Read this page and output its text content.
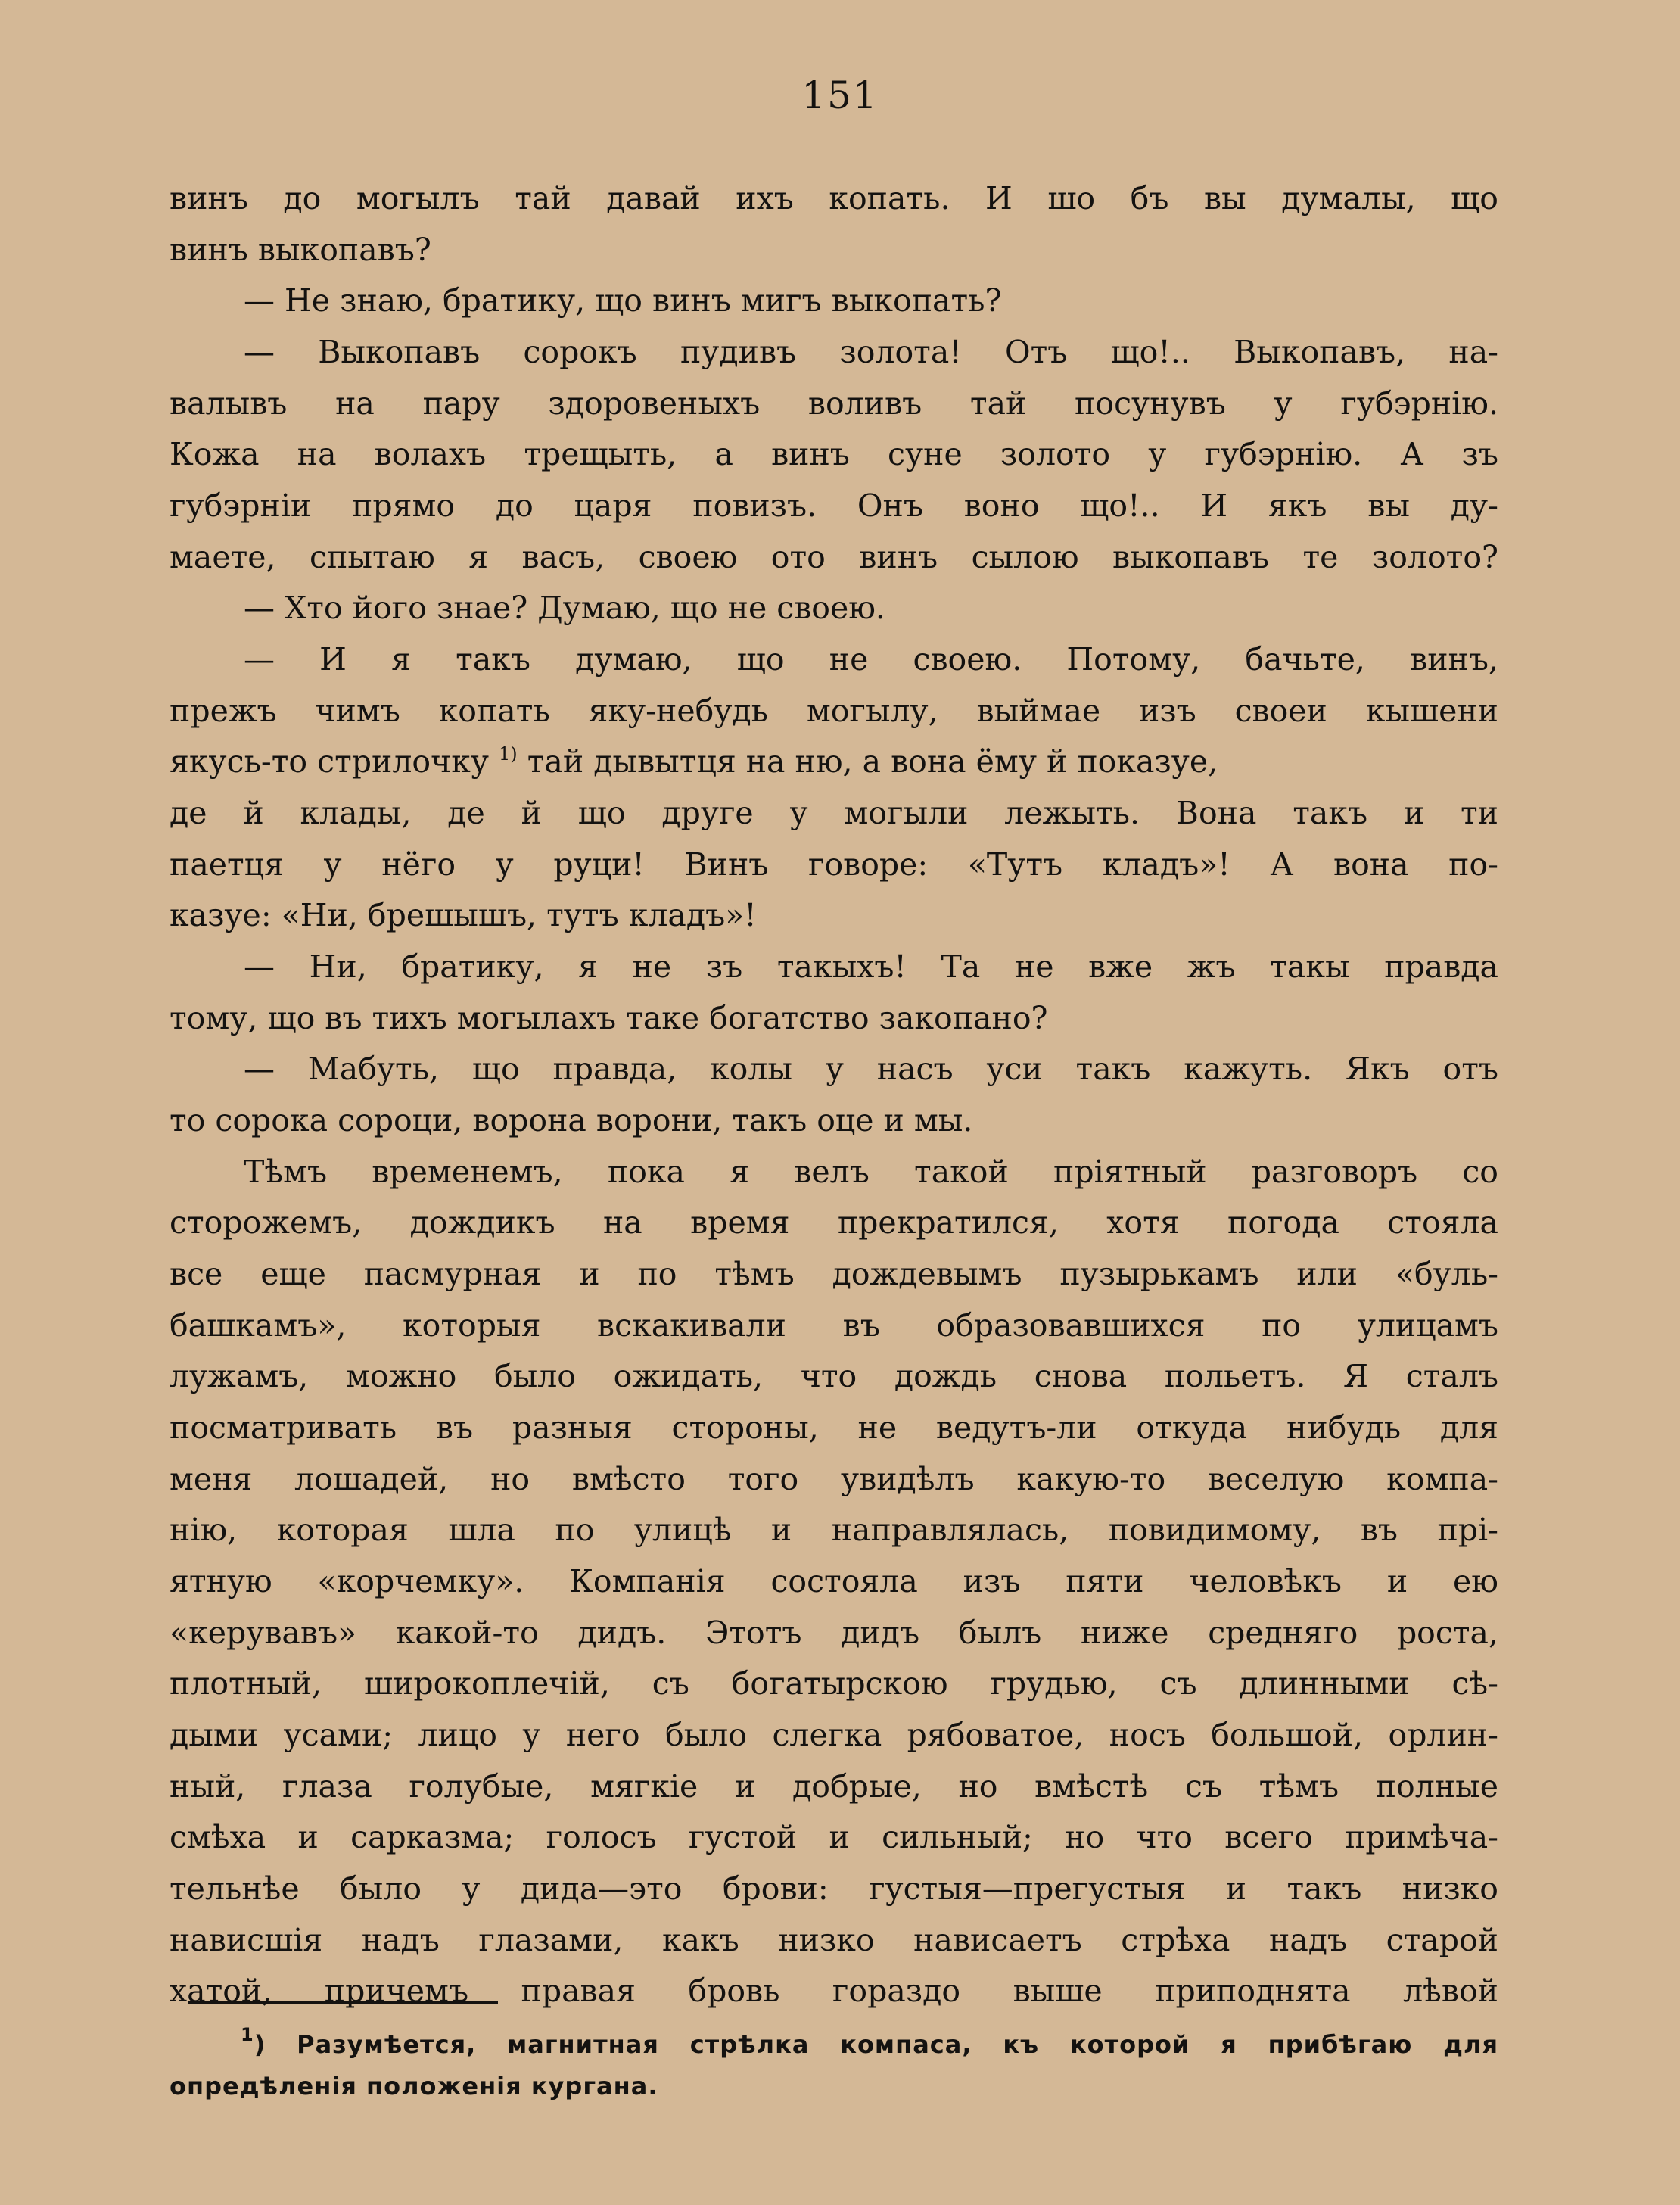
151
винъ до могылъ тай давай ихъ копать. И шо бъ вы думалы, що
винъ выкопавъ?
— Не знаю, братику, що винъ мигъ выкопать?
— Выкопавъ сорокъ пудивъ золота! Отъ що!.. Выкопавъ, на-
валывъ на пару здоровеныхъ воливъ тай посунувъ у губэрнiю.
Кожа на волахъ трещыть, а винъ суне золото у губэрнiю. А зъ
губэрнiи прямо до царя повизъ. Онъ воно що!.. И якъ вы ду-
маете, спытаю я васъ, своею ото винъ сылою выкопавъ те золото?
— Хто його знае? Думаю, що не своею.
— И я такъ думаю, що не своею. Потому, бачьте, винъ,
прежъ чимъ копать яку-небудь могылу, выймае изъ своеи кышени
якусь-то стрилочку $^{1)}$ тай дывытця на ню, а вона ёму й показуе,
де й клады, де й що друге у могыли лежыть. Вона такъ и ти
паетця у нёго у руци! Винъ говоре: «Тутъ кладъ»! А вона по-
казуе: «Ни, брешышъ, тутъ кладъ»!
— Ни, братику, я не зъ такыхъ! Та не вже жъ такы правда
тому, що въ тихъ могылахъ таке богатство закопано?
— Мабуть, що правда, колы у насъ уси такъ кажуть. Якъ отъ
то сорока сороци, ворона ворони, такъ оце и мы.
Тѣмъ временемъ, пока я велъ такой прiятный разговоръ со
сторожемъ, дождикъ на время прекратился, хотя погода стояла
все еще пасмурная и по тѣмъ дождевымъ пузырькамъ или «буль-
башкамъ», которыя вскакивали въ образовавшихся по улицамъ
лужамъ, можно было ожидать, что дождь снова польетъ. Я сталъ
посматривать въ разныя стороны, не ведутъ-ли откуда нибудь для
меня лошадей, но вмѣсто того увидѣлъ какую-то веселую компа-
нiю, которая шла по улицѣ и направлялась, повидимому, въ прi-
ятную «корчемку». Компанiя состояла изъ пяти человѣкъ и ею
«керувавъ» какой-то дидъ. Этотъ дидъ былъ ниже средняго роста,
плотный, широкоплечiй, съ богатырскою грудью, съ длинными сѣ-
дыми усами; лицо у него было слегка рябоватое, носъ большой, орлин-
ный, глаза голубые, мягкiе и добрые, но вмѣстѣ съ тѣмъ полные
смѣха и сарказма; голосъ густой и сильный; но что всего примѣча-
тельнѣе было у дида—это брови: густыя—прегустыя и такъ низко
нависшiя надъ глазами, какъ низко нависаетъ стрѣха надъ старой
хатой, причемъ правая бровь гораздо выше приподнята лѣвой
$^1$) Разумѣется, магнитная стрѣлка компаса, къ которой я прибѣгаю для
опредѣленiя положенiя кургана.
